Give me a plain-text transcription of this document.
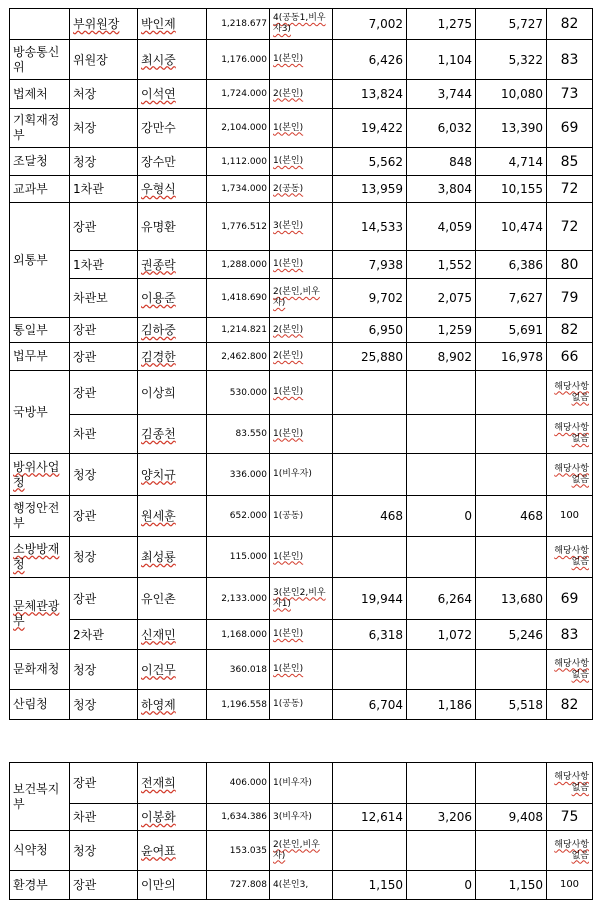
	부위원장	박인제	1,218.677	4(공동1,비우자3)	7,002	1,275	5,727	82
방송통신위	위원장	최시중	1,176.000	1(본인)	6,426	1,104	5,322	83
법제처	처장	이석연	1,724.000	2(본인)	13,824	3,744	10,080	73
기획재정부	처장	강만수	2,104.000	1(본인)	19,422	6,032	13,390	69
조달청	청장	장수만	1,112.000	1(본인)	5,562	848	4,714	85
교과부	1차관	우형식	1,734.000	2(공동)	13,959	3,804	10,155	72
외통부	장관	유명환	1,776.512	3(본인)	14,533	4,059	10,474	72
	1차관	권종락	1,288.000	1(본인)	7,938	1,552	6,386	80
	차관보	이용준	1,418.690	2(본인,비우자)	9,702	2,075	7,627	79
통일부	장관	김하중	1,214.821	2(본인)	6,950	1,259	5,691	82
법무부	장관	김경한	2,462.800	2(본인)	25,880	8,902	16,978	66
국방부	장관	이상희	530.000	1(본인)				해당사항없음
	차관	김종천	83.550	1(본인)				해당사항없음
방위사업청	청장	양치규	336.000	1(비우자)				해당사항없음
행정안전부	장관	원세훈	652.000	1(공동)	468	0	468	100
소방방재청	청장	최성룡	115.000	1(본인)				해당사항없음
문체관광부	장관	유인촌	2,133.000	3(본인2,비우자1)	19,944	6,264	13,680	69
	2차관	신재민	1,168.000	1(본인)	6,318	1,072	5,246	83
문화재청	청장	이건무	360.018	1(본인)				해당사항없음
산림청	청장	하영제	1,196.558	1(공동)	6,704	1,186	5,518	82
보건복지부	장관	전재희	406.000	1(비우자)				해당사항없음
	차관	이봉화	1,634.386	3(비우자)	12,614	3,206	9,408	75
식약청	청장	윤여표	153.035	2(본인,비우자)				해당사항없음
환경부	장관	이만의	727.808	4(본인3,	1,150	0	1,150	100
